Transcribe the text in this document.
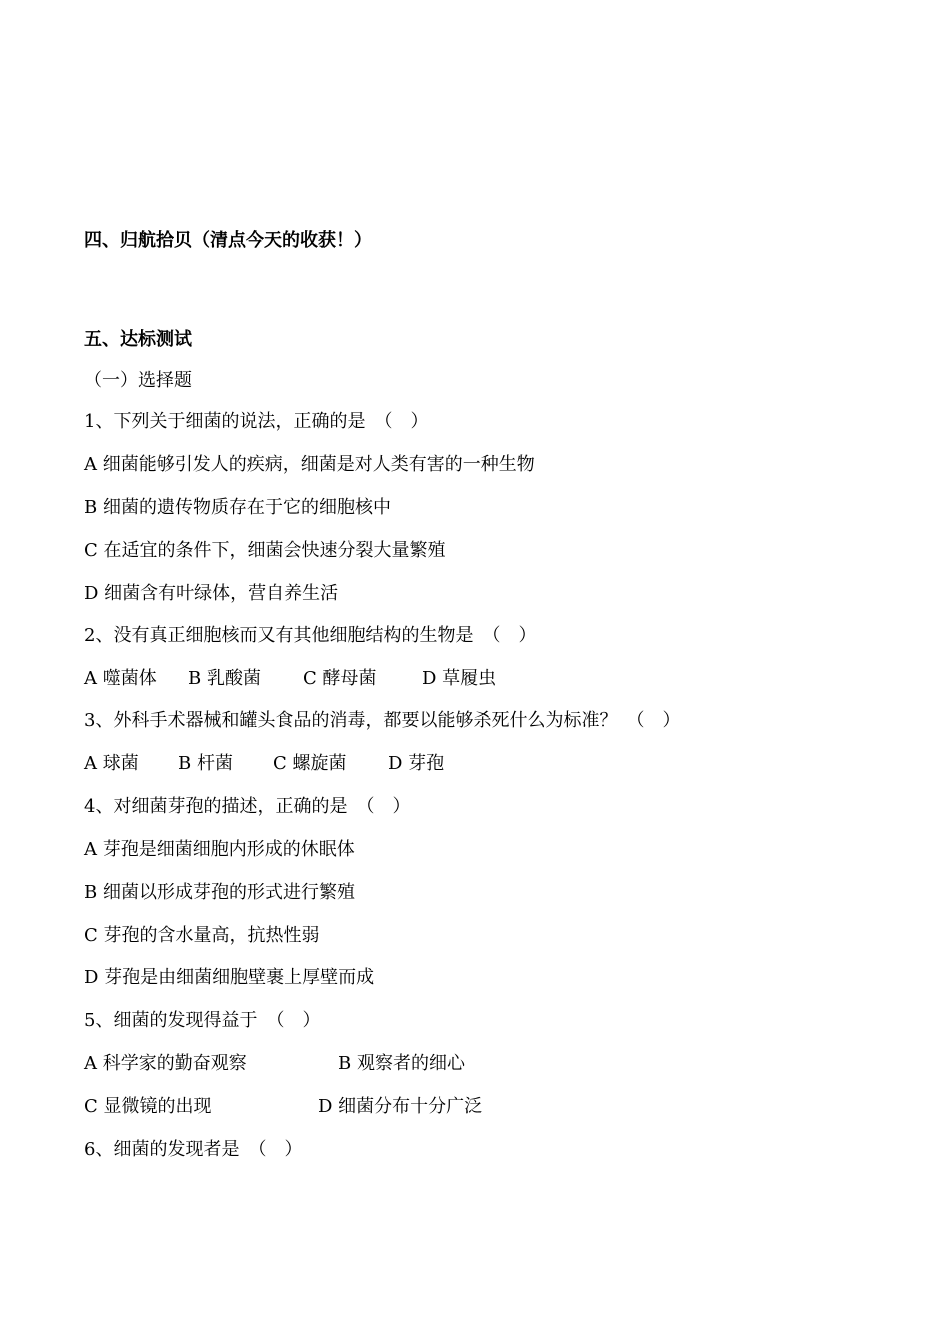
四、归航拾贝（清点今天的收获！）
五、达标测试
（一）选择题
1、下列关于细菌的说法，正确的是　（　）
A 细菌能够引发人的疾病，细菌是对人类有害的一种生物
B 细菌的遗传物质存在于它的细胞核中
C 在适宜的条件下，细菌会快速分裂大量繁殖
D 细菌含有叶绿体，营自养生活
2、没有真正细胞核而又有其他细胞结构的生物是　（　）
A 噬菌体 B 乳酸菌 C 酵母菌	D 草履虫
3、外科手术器械和罐头食品的消毒，都要以能够杀死什么为标准？　（　）
A 球菌 B 杆菌 C 螺旋菌 D 芽孢
4、对细菌芽孢的描述，正确的是　（　）
A 芽孢是细菌细胞内形成的休眠体
B 细菌以形成芽孢的形式进行繁殖
C 芽孢的含水量高，抗热性弱
D 芽孢是由细菌细胞壁裹上厚壁而成
5、细菌的发现得益于　（　）
A 科学家的勤奋观察	B 观察者的细心
C 显微镜的出现	D 细菌分布十分广泛
6、细菌的发现者是　（　）
